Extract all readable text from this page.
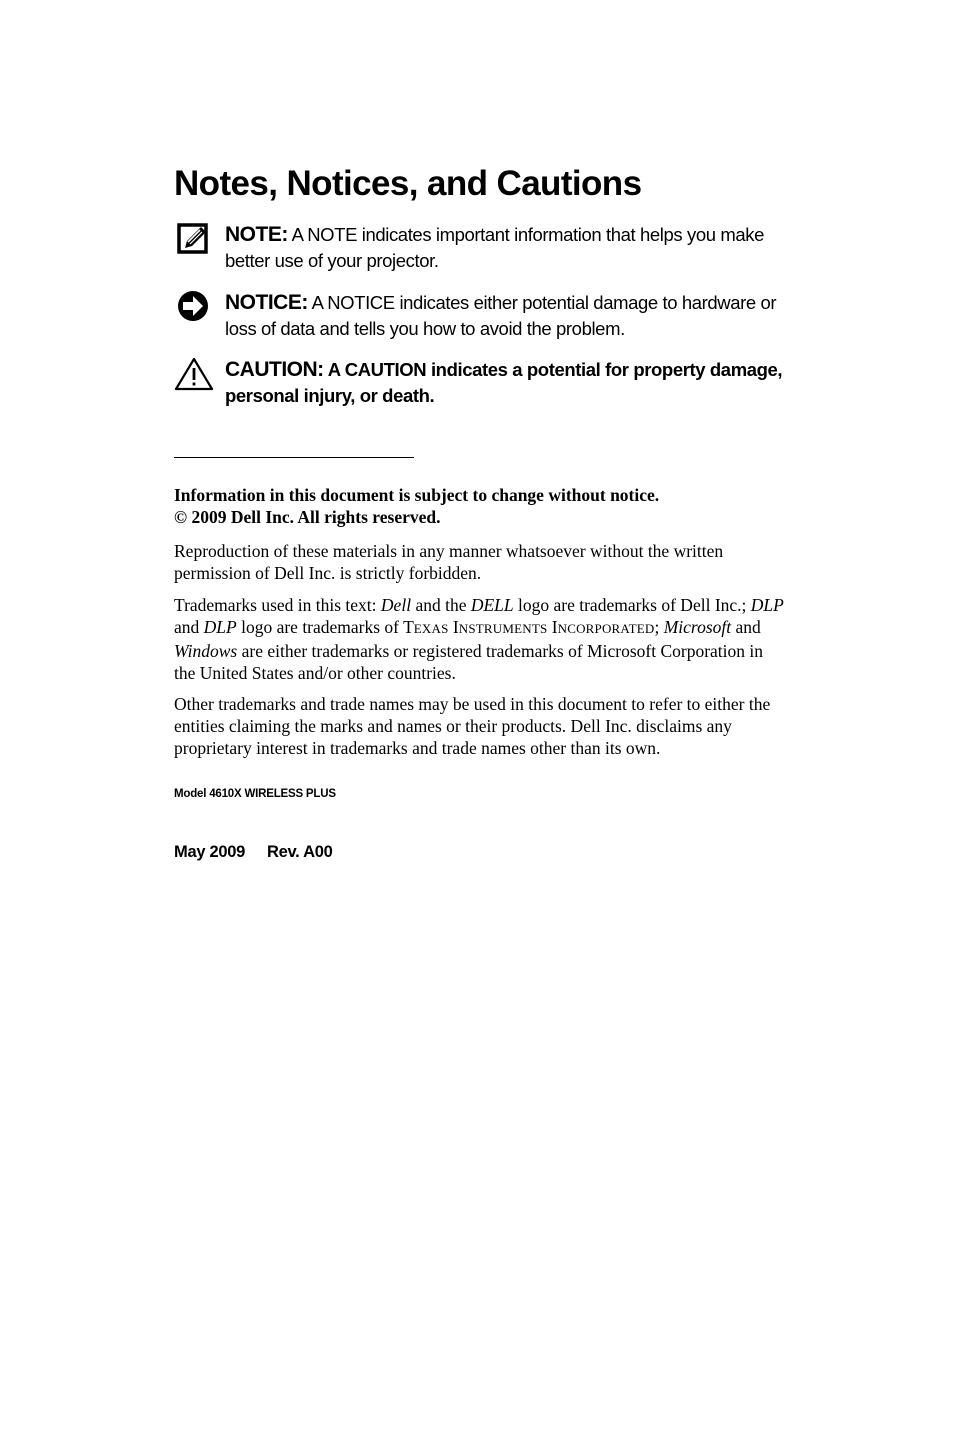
Notes, Notices, and Cautions
NOTE: A NOTE indicates important information that helps you make better use of your projector.
NOTICE: A NOTICE indicates either potential damage to hardware or loss of data and tells you how to avoid the problem.
CAUTION: A CAUTION indicates a potential for property damage, personal injury, or death.

Information in this document is subject to change without notice.

© 2009 Dell Inc. All rights reserved.

Reproduction of these materials in any manner whatsoever without the written permission of Dell Inc. is strictly forbidden.

Trademarks used in this text: Dell and the DELL logo are trademarks of Dell Inc.; DLP and DLP logo are trademarks of TEXAS INSTRUMENTS INCORPORATED; Microsoft and Windows are either trademarks or registered trademarks of Microsoft Corporation in the United States and/or other countries.

Other trademarks and trade names may be used in this document to refer to either the entities claiming the marks and names or their products. Dell Inc. disclaims any proprietary interest in trademarks and trade names other than its own.

Model 4610X WIRELESS PLUS
May 2009 Rev. A00
